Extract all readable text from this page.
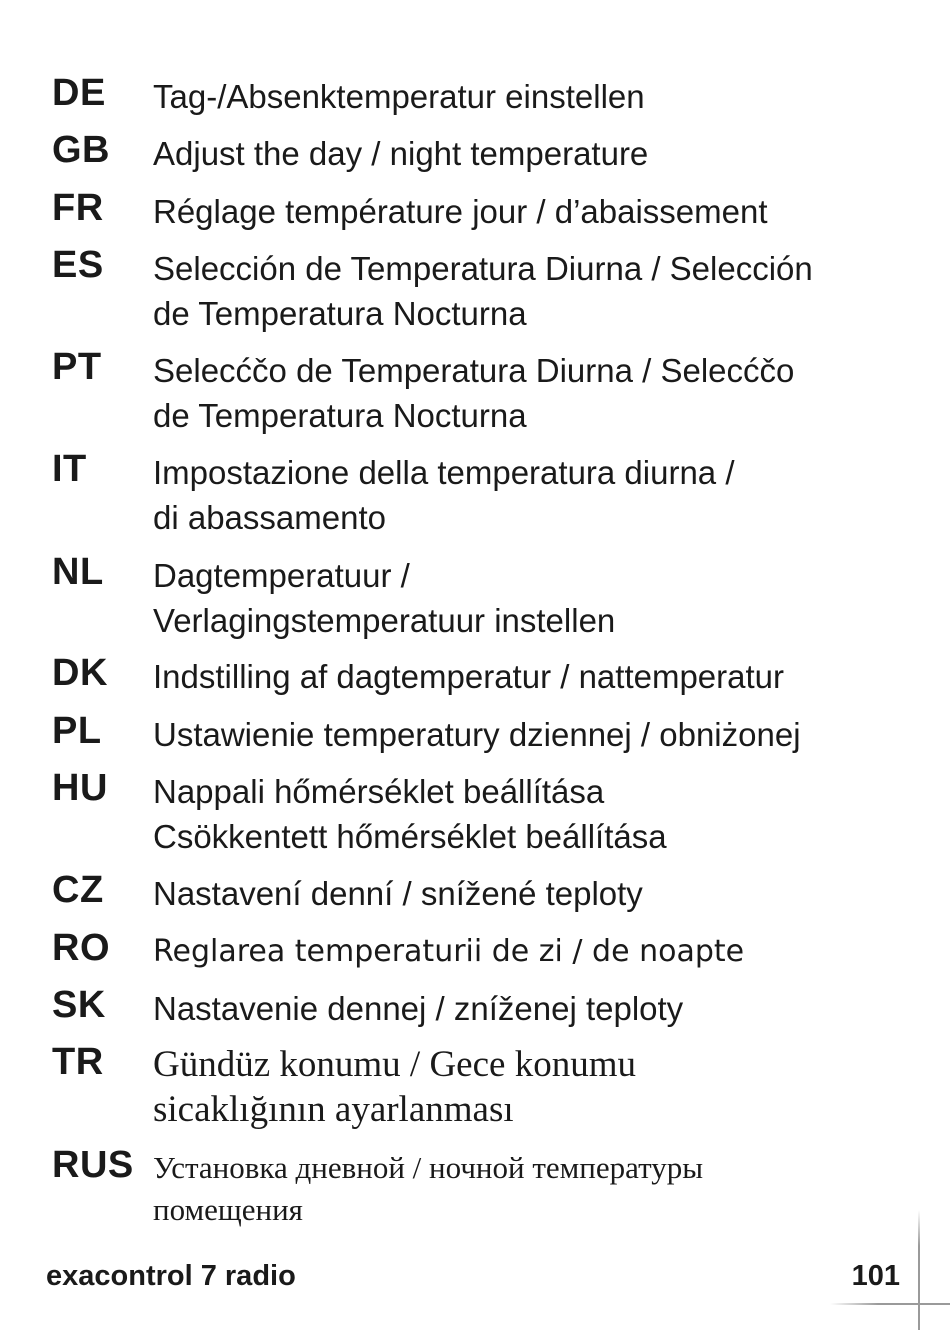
DE Tag-/Absenktemperatur einstellen
GB Adjust the day / night temperature
FR Réglage température jour / d’abaissement
ES Selección de Temperatura Diurna / Selección
de Temperatura Nocturna
PT Selecćčo de Temperatura Diurna / Selecćčo
de Temperatura Nocturna
IT Impostazione della temperatura diurna /
di abassamento
NL Dagtemperatuur /
Verlagingstemperatuur instellen
DK Indstilling af dagtemperatur / nattemperatur
PL Ustawienie temperatury dziennej / obniżonej
HU Nappali hőmérséklet beállítása
Csökkentett hőmérséklet beállítása
CZ Nastavení denní / snížené teploty
RO Reglarea temperaturii de zi / de noapte
SK Nastavenie dennej / zníženej teploty
TR Gündüz konumu / Gece konumu
sicaklığının ayarlanması
RUS Установка дневной / ночной температуры
помещения
exacontrol 7 radio	101
